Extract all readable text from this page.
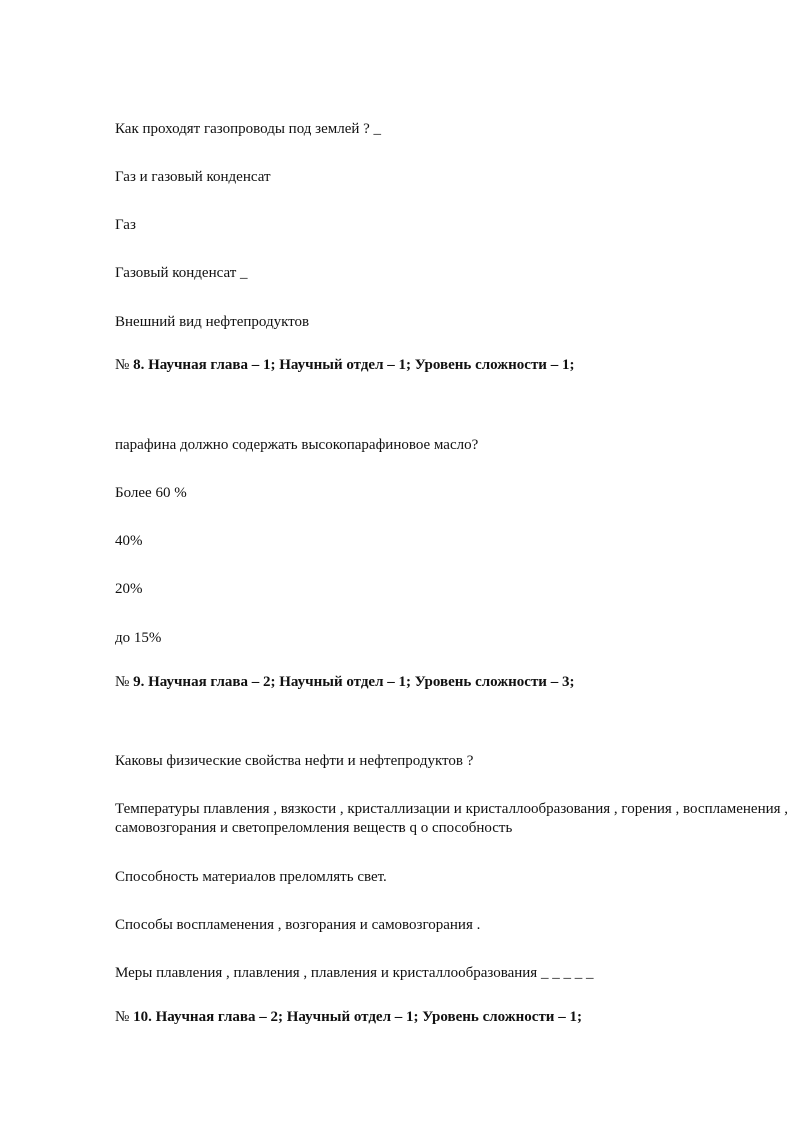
Как проходят газопроводы под землей ? _
Газ и газовый конденсат
Газ
Газовый конденсат _
Внешний вид нефтепродуктов
№ 8. Научная глава – 1; Научный отдел – 1; Уровень сложности – 1;
парафина должно содержать высокопарафиновое масло?
Более 60 %
40%
20%
до 15%
№ 9. Научная глава – 2; Научный отдел – 1; Уровень сложности – 3;
Каковы физические свойства нефти и нефтепродуктов ?
Температуры плавления , вязкости , кристаллизации и кристаллообразования , горения , воспламенения ,
самовозгорания и светопреломления веществ q о способность
Способность материалов преломлять свет.
Способы воспламенения , возгорания и самовозгорания .
Меры плавления , плавления , плавления и кристаллообразования _ _ _ _ _
№ 10. Научная глава – 2; Научный отдел – 1; Уровень сложности – 1;
